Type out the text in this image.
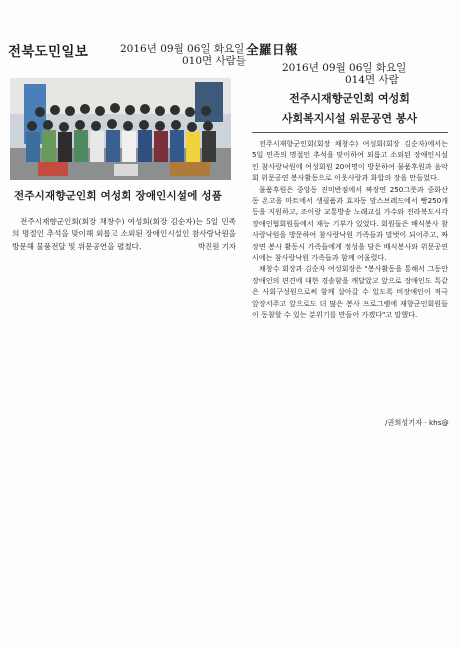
전북도민일보	2016년 09월 06일 화요일
010면 사람들
전주시재향군인회 여성회 장애인시설에 성품
전주시재향군인회(회장 채창수) 여성회(회장 김순자)는 5일 민족의 명절인 추석을 맞이해 외롭고 소외된 장애인시설인 참사랑낙원을 방문해 물품전달 및 위문공연을 펼쳤다.	박진원 기자
全羅日報
2016년 09월 06일 화요일
014면 사람
전주시재향군인회 여성회
사회복지시설 위문공연 봉사

전주시재향군인회(회장 채창수) 여성회(회장 김순자)에서는 5일 민족의 명절인 추석을 맞이하여 외롭고 소외된 장애인시설인 참사랑낙원에 여성회원 20여명이 방문하여 물품후원과 음악회 위문공연 봉사활동으로 이웃사랑과 화합의 장을 만들었다.

물품후원은 중앙동 진미반점에서 짜장면 250그릇과 중화산동 온고을 마트에서 생필품과 효자동 맘스브레드에서 빵250개 등을 지원하고, 조이랑 교통방송 노래교실 가수와 전라북도시각장애인협회원들에서 재능 기부가 있었다. 회원들은 배식봉사 참사랑낙원을 방문하여 참사랑낙원 가족들과 말벗이 되어주고, 짜장면 봉사 활동시 가족들에게 정성을 담은 배식봉사와 위문공연시에는 참사랑낙원 가족들과 함께 어울렸다.

채창수 회장과 김순자 여성회장은 "봉사활동을 통해서 그동안 장애인의 편견에 대한 경솔함을 깨달았고 앞으로 장애인도 특같은 사회구성원으로써 함께 살아갈 수 있도록 비장애인이 적극 앞장서주고 앞으로도 더 많은 봉사 프로그램에 재향군인회원들이 동참할 수 있는 분위기를 만들어 가겠다"고 말했다.

/권희성기자 · khs@
